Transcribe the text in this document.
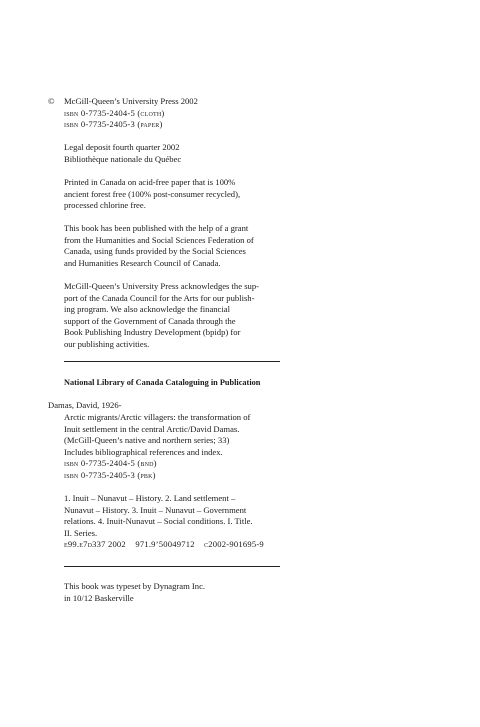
© McGill-Queen’s University Press 2002
isbn 0-7735-2404-5 (cloth)
isbn 0-7735-2405-3 (paper)
Legal deposit fourth quarter 2002
Bibliothèque nationale du Québec
Printed in Canada on acid-free paper that is 100%
ancient forest free (100% post-consumer recycled),
processed chlorine free.
This book has been published with the help of a grant
from the Humanities and Social Sciences Federation of
Canada, using funds provided by the Social Sciences
and Humanities Research Council of Canada.
McGill-Queen’s University Press acknowledges the sup-
port of the Canada Council for the Arts for our publish-
ing program. We also acknowledge the financial
support of the Government of Canada through the
Book Publishing Industry Development (bpidp) for
our publishing activities.
National Library of Canada Cataloguing in Publication
Damas, David, 1926-
Arctic migrants/Arctic villagers: the transformation of
Inuit settlement in the central Arctic/David Damas.
(McGill-Queen’s native and northern series; 33)
Includes bibliographical references and index.
isbn 0-7735-2404-5 (bnd)
isbn 0-7735-2405-3 (pbk)
1. Inuit – Nunavut – History. 2. Land settlement –
Nunavut – History. 3. Inuit – Nunavut – Government
relations. 4. Inuit-Nunavut – Social conditions. I. Title.
II. Series.
e99.e7d337 2002    971.9’50049712    c2002-901695-9
This book was typeset by Dynagram Inc.
in 10/12 Baskerville
